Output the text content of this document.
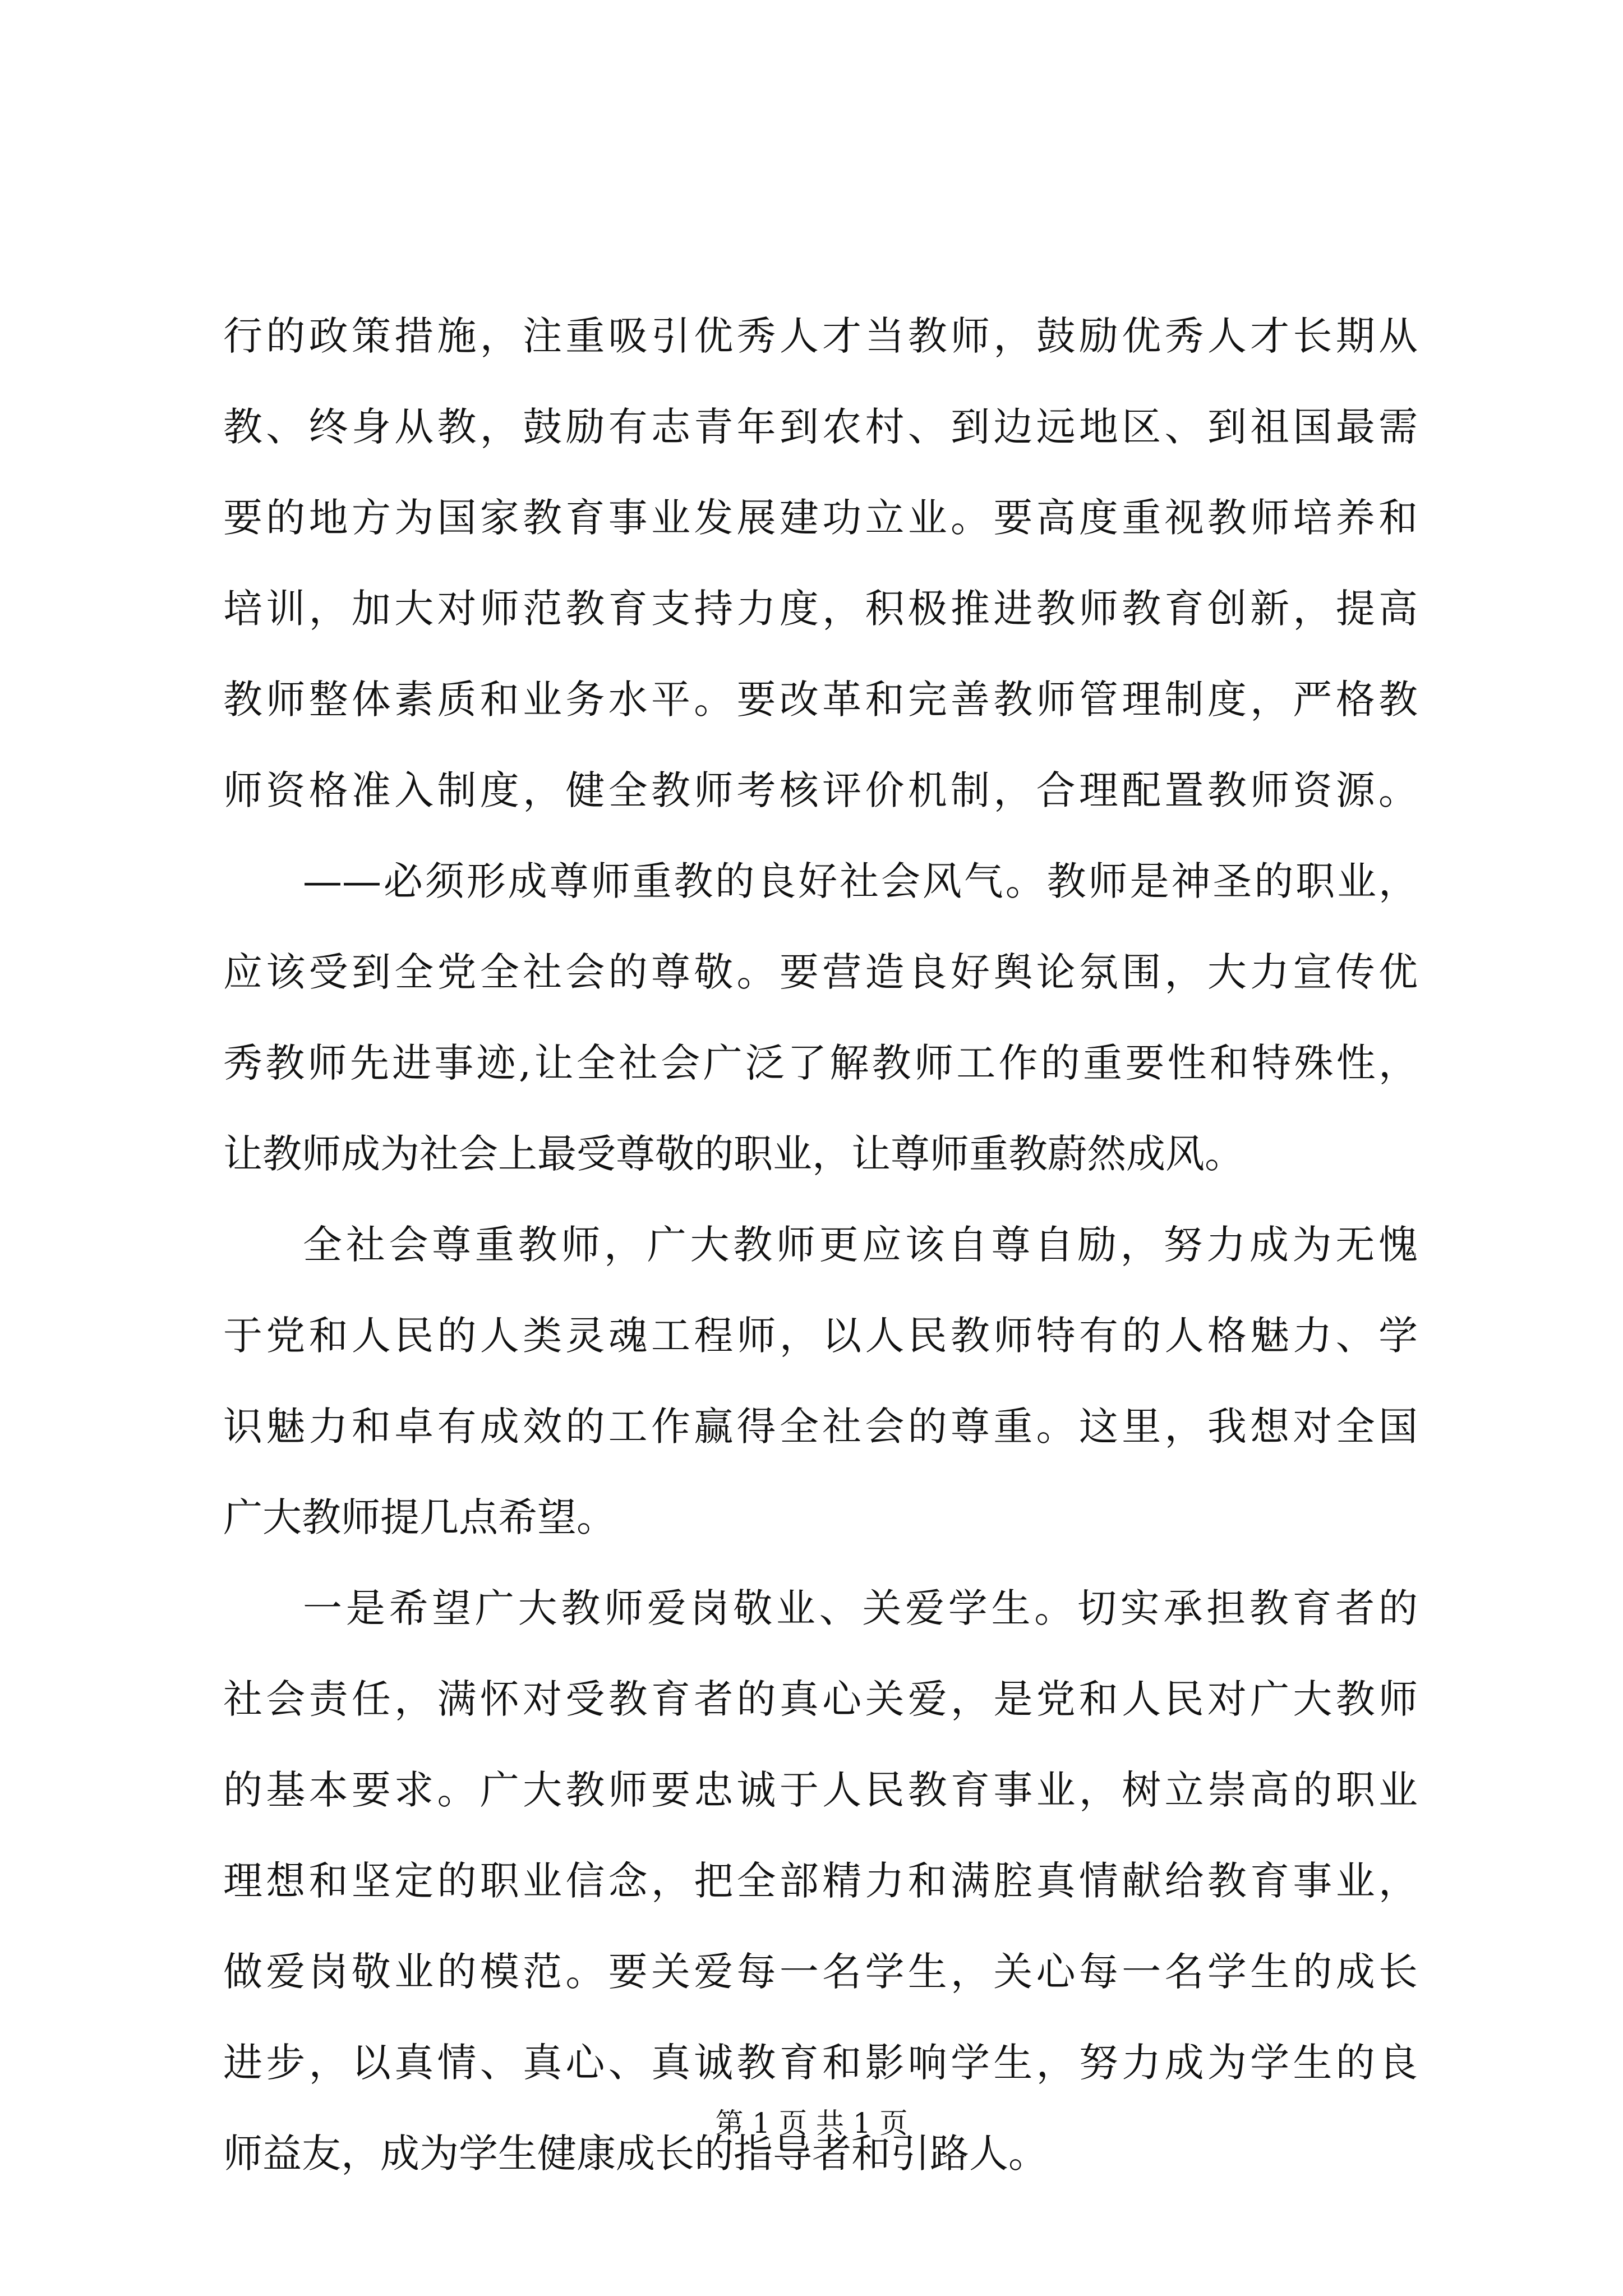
行的政策措施，注重吸引优秀人才当教师，鼓励优秀人才长期从
教、终身从教，鼓励有志青年到农村、到边远地区、到祖国最需
要的地方为国家教育事业发展建功立业。要高度重视教师培养和
培训，加大对师范教育支持力度，积极推进教师教育创新，提高
教师整体素质和业务水平。要改革和完善教师管理制度，严格教
师资格准入制度，健全教师考核评价机制，合理配置教师资源。
——必须形成尊师重教的良好社会风气。教师是神圣的职业，
应该受到全党全社会的尊敬。要营造良好舆论氛围，大力宣传优
秀教师先进事迹,让全社会广泛了解教师工作的重要性和特殊性，
让教师成为社会上最受尊敬的职业，让尊师重教蔚然成风。
全社会尊重教师，广大教师更应该自尊自励，努力成为无愧
于党和人民的人类灵魂工程师，以人民教师特有的人格魅力、学
识魅力和卓有成效的工作赢得全社会的尊重。这里，我想对全国
广大教师提几点希望。
一是希望广大教师爱岗敬业、关爱学生。切实承担教育者的
社会责任，满怀对受教育者的真心关爱，是党和人民对广大教师
的基本要求。广大教师要忠诚于人民教育事业，树立崇高的职业
理想和坚定的职业信念，把全部精力和满腔真情献给教育事业，
做爱岗敬业的模范。要关爱每一名学生，关心每一名学生的成长
进步，以真情、真心、真诚教育和影响学生，努力成为学生的良
师益友，成为学生健康成长的指导者和引路人。
第 1 页 共 1 页
